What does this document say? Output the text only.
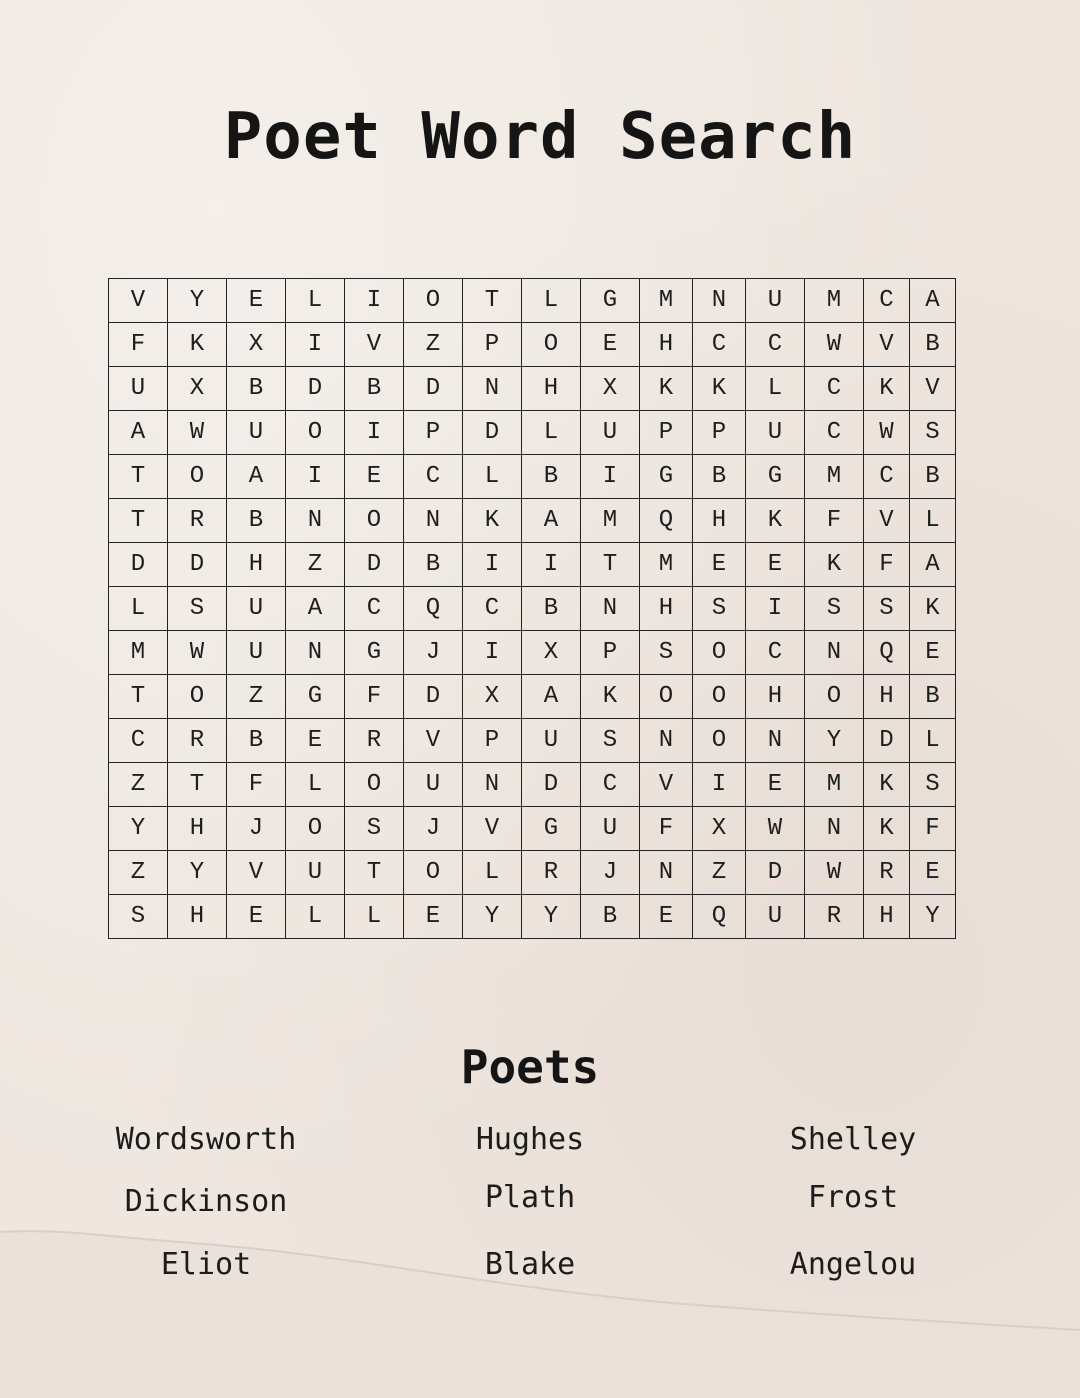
Poet Word Search
V	Y	E	L	I	O	T	L	G	M	N	U	M	C	A
F	K	X	I	V	Z	P	O	E	H	C	C	W	V	B
U	X	B	D	B	D	N	H	X	K	K	L	C	K	V
A	W	U	O	I	P	D	L	U	P	P	U	C	W	S
T	O	A	I	E	C	L	B	I	G	B	G	M	C	B
T	R	B	N	O	N	K	A	M	Q	H	K	F	V	L
D	D	H	Z	D	B	I	I	T	M	E	E	K	F	A
L	S	U	A	C	Q	C	B	N	H	S	I	S	S	K
M	W	U	N	G	J	I	X	P	S	O	C	N	Q	E
T	O	Z	G	F	D	X	A	K	O	O	H	O	H	B
C	R	B	E	R	V	P	U	S	N	O	N	Y	D	L
Z	T	F	L	O	U	N	D	C	V	I	E	M	K	S
Y	H	J	O	S	J	V	G	U	F	X	W	N	K	F
Z	Y	V	U	T	O	L	R	J	N	Z	D	W	R	E
S	H	E	L	L	E	Y	Y	B	E	Q	U	R	H	Y
Poets
Wordsworth
Dickinson
Eliot
Hughes
Plath
Blake
Shelley
Frost
Angelou
